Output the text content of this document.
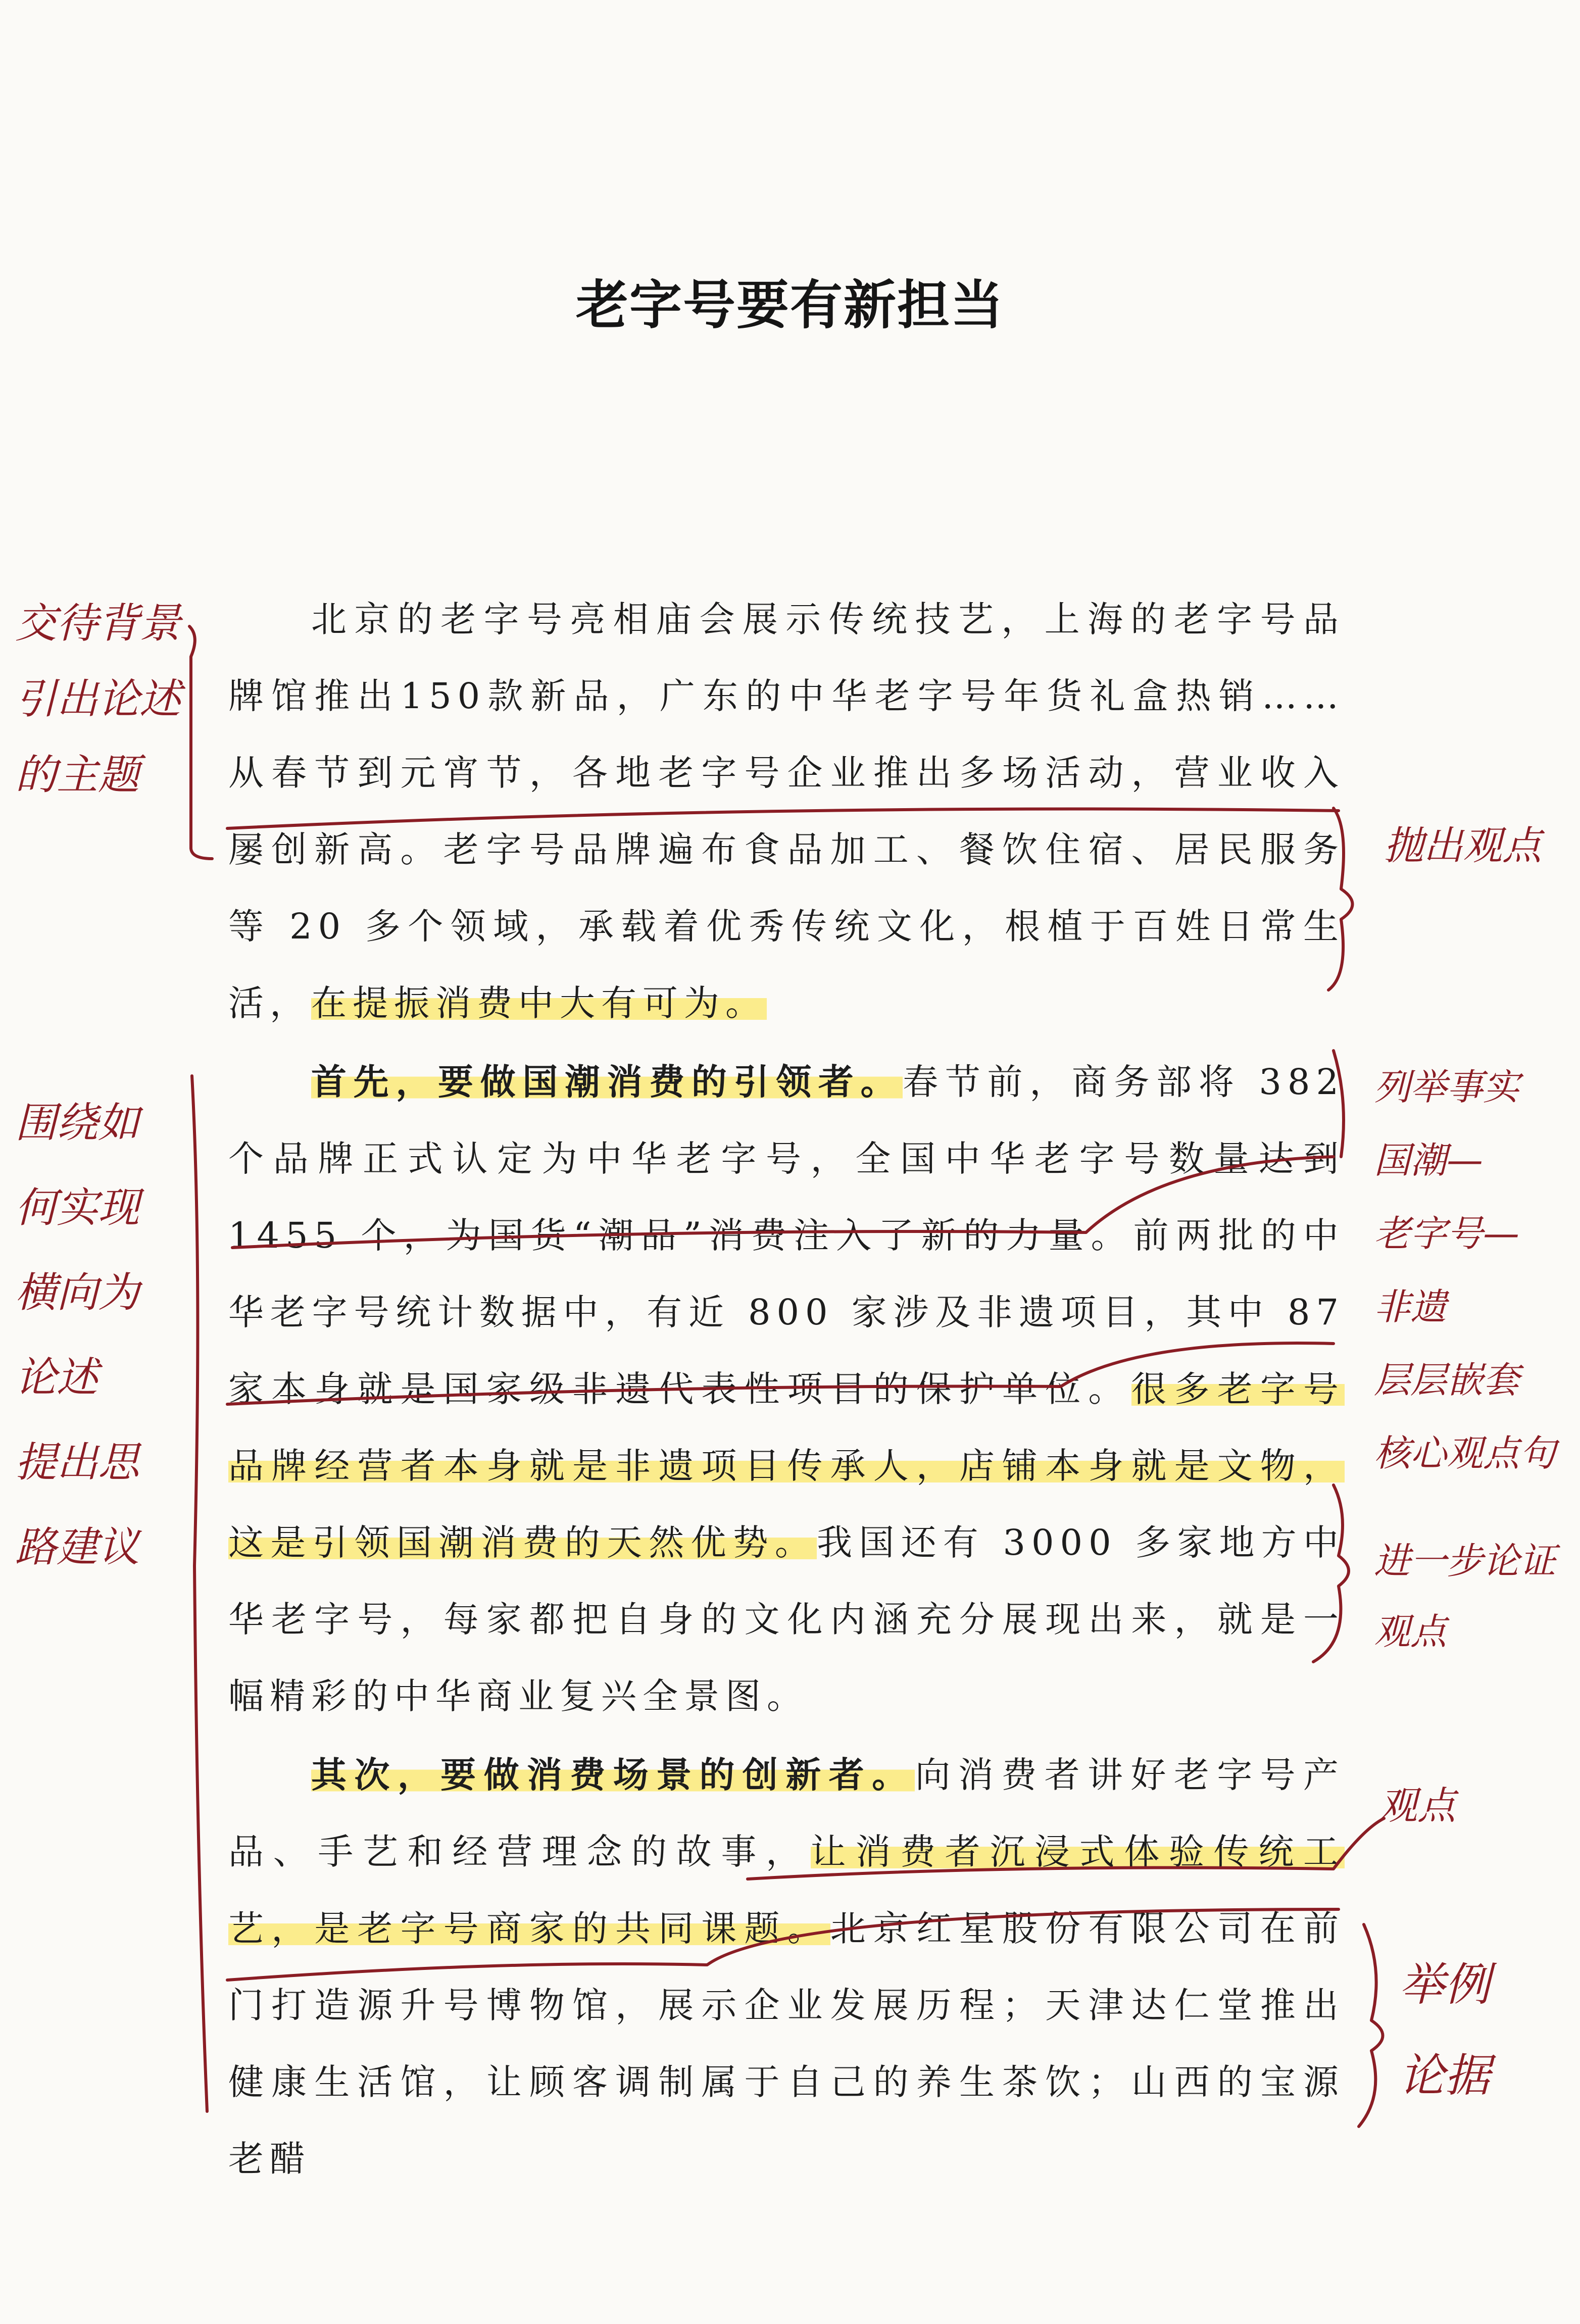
老字号要有新担当

北京的老字号亮相庙会展示传统技艺，上海的老字号品牌馆推出150款新品，广东的中华老字号年货礼盒热销……从春节到元宵节，各地老字号企业推出多场活动，营业收入屡创新高。老字号品牌遍布食品加工、餐饮住宿、居民服务等 20 多个领域，承载着优秀传统文化，根植于百姓日常生活，在提振消费中大有可为。

首先，要做国潮消费的引领者。春节前，商务部将 382 个品牌正式认定为中华老字号，全国中华老字号数量达到 1455 个，为国货“潮品”消费注入了新的力量。前两批的中华老字号统计数据中，有近 800 家涉及非遗项目，其中 87 家本身就是国家级非遗代表性项目的保护单位。很多老字号品牌经营者本身就是非遗项目传承人，店铺本身就是文物，这是引领国潮消费的天然优势。我国还有 3000 多家地方中华老字号，每家都把自身的文化内涵充分展现出来，就是一幅精彩的中华商业复兴全景图。

其次，要做消费场景的创新者。向消费者讲好老字号产品、手艺和经营理念的故事，让消费者沉浸式体验传统工艺，是老字号商家的共同课题。北京红星股份有限公司在前门打造源升号博物馆，展示企业发展历程；天津达仁堂推出健康生活馆，让顾客调制属于自己的养生茶饮；山西的宝源老醋

交待背景
引出论述
的主题
围绕如
何实现
横向为
论述
提出思
路建议
抛出观点
列举事实
国潮—
老字号—
非遗
层层嵌套
核心观点句
进一步论证
观点
观点
举例
论据
